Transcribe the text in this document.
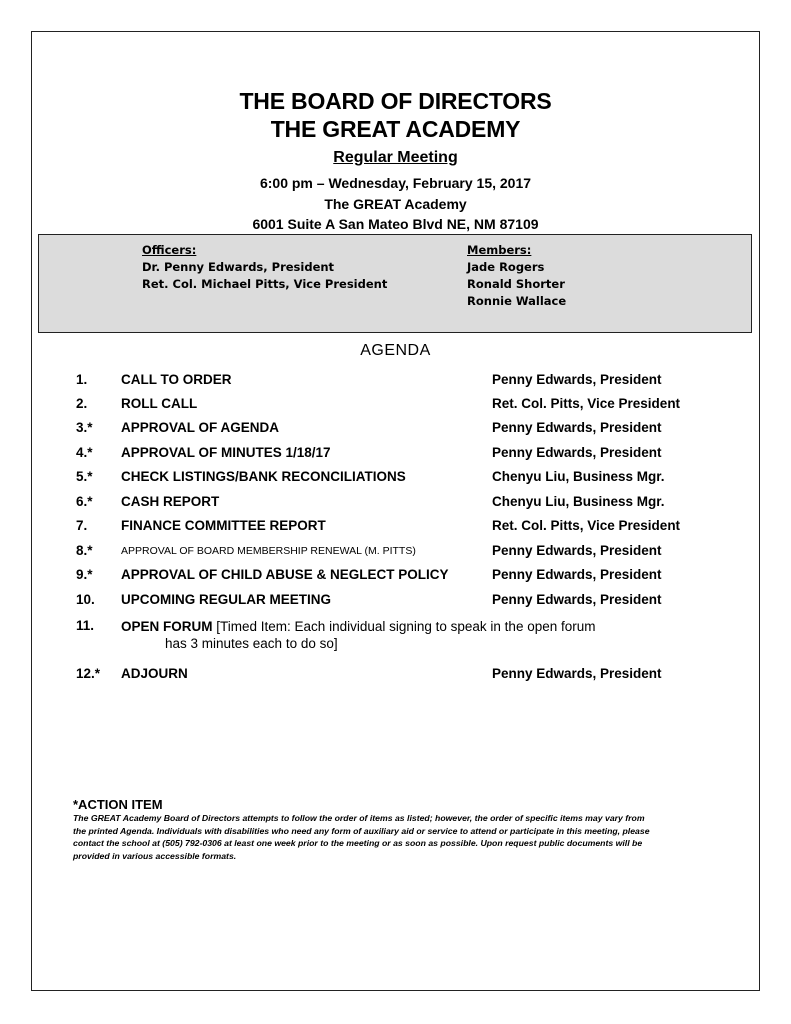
THE BOARD OF DIRECTORS
THE GREAT ACADEMY
Regular Meeting
6:00 pm – Wednesday, February 15, 2017
The GREAT Academy
6001 Suite A San Mateo Blvd NE, NM 87109
Officers:
Dr. Penny Edwards, President
Ret. Col. Michael Pitts, Vice President
Members:
Jade Rogers
Ronald Shorter
Ronnie Wallace
AGENDA
1. CALL TO ORDER	Penny Edwards, President
2. ROLL CALL	Ret. Col. Pitts, Vice President
3.* APPROVAL OF AGENDA	Penny Edwards, President
4.* APPROVAL OF MINUTES 1/18/17	Penny Edwards, President
5.* CHECK LISTINGS/BANK RECONCILIATIONS	Chenyu Liu, Business Mgr.
6.* CASH REPORT	Chenyu Liu, Business Mgr.
7. FINANCE COMMITTEE REPORT	Ret. Col. Pitts, Vice President
8.*	APPROVAL OF BOARD MEMBERSHIP RENEWAL (M. PITTS)	Penny Edwards, President
9.* APPROVAL OF CHILD ABUSE & NEGLECT POLICY	Penny Edwards, President
10. UPCOMING REGULAR MEETING	Penny Edwards, President
11. OPEN FORUM [Timed Item: Each individual signing to speak in the open forum
has 3 minutes each to do so]
12.* ADJOURN	Penny Edwards, President
*ACTION ITEM
The GREAT Academy Board of Directors attempts to follow the order of items as listed; however, the order of specific items may vary from
the printed Agenda. Individuals with disabilities who need any form of auxiliary aid or service to attend or participate in this meeting, please
contact the school at (505) 792-0306 at least one week prior to the meeting or as soon as possible. Upon request public documents will be
provided in various accessible formats.
